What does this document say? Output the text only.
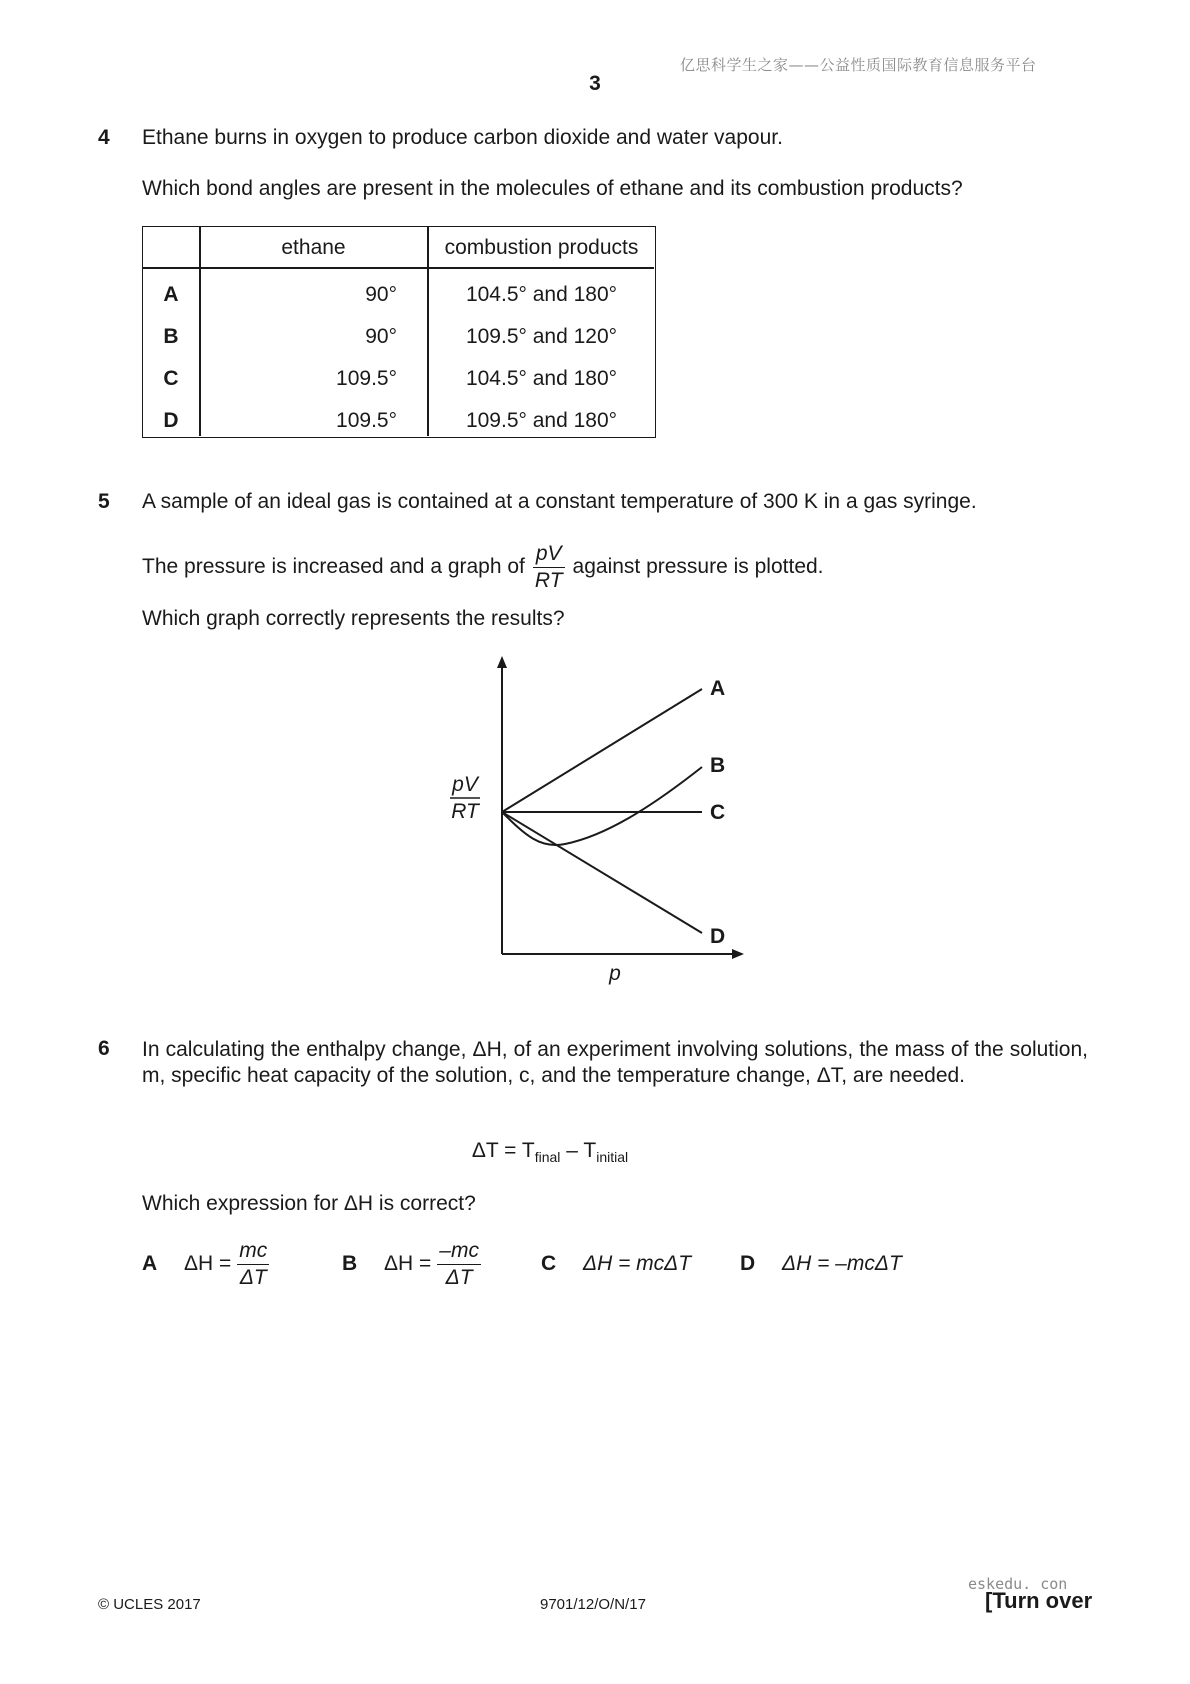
亿思科学生之家——公益性质国际教育信息服务平台
3
4 Ethane burns in oxygen to produce carbon dioxide and water vapour.
Which bond angles are present in the molecules of ethane and its combustion products?
ethane	combustion products
A	90°	104.5° and 180°
B	90°	109.5° and 120°
C	109.5°	104.5° and 180°
D	109.5°	109.5° and 180°
5 A sample of an ideal gas is contained at a constant temperature of 300 K in a gas syringe.
The pressure is increased and a graph of $\frac{pV}{RT}$ against pressure is plotted.
Which graph correctly represents the results?
A
B
C
D
pV
RT
p
6 In calculating the enthalpy change, ΔH, of an experiment involving solutions, the mass of the solution, m, specific heat capacity of the solution, c, and the temperature change, ΔT, are needed.
$\Delta T = T_{final} - T_{initial}$
Which expression for ΔH is correct?
A	$\Delta H = \frac{mc}{\Delta T}$	B	$\Delta H = \frac{-mc}{\Delta T}$	C	ΔH = mcΔT D	ΔH = –mcΔT
eskedu. con
© UCLES 2017	9701/12/O/N/17	[Turn over
